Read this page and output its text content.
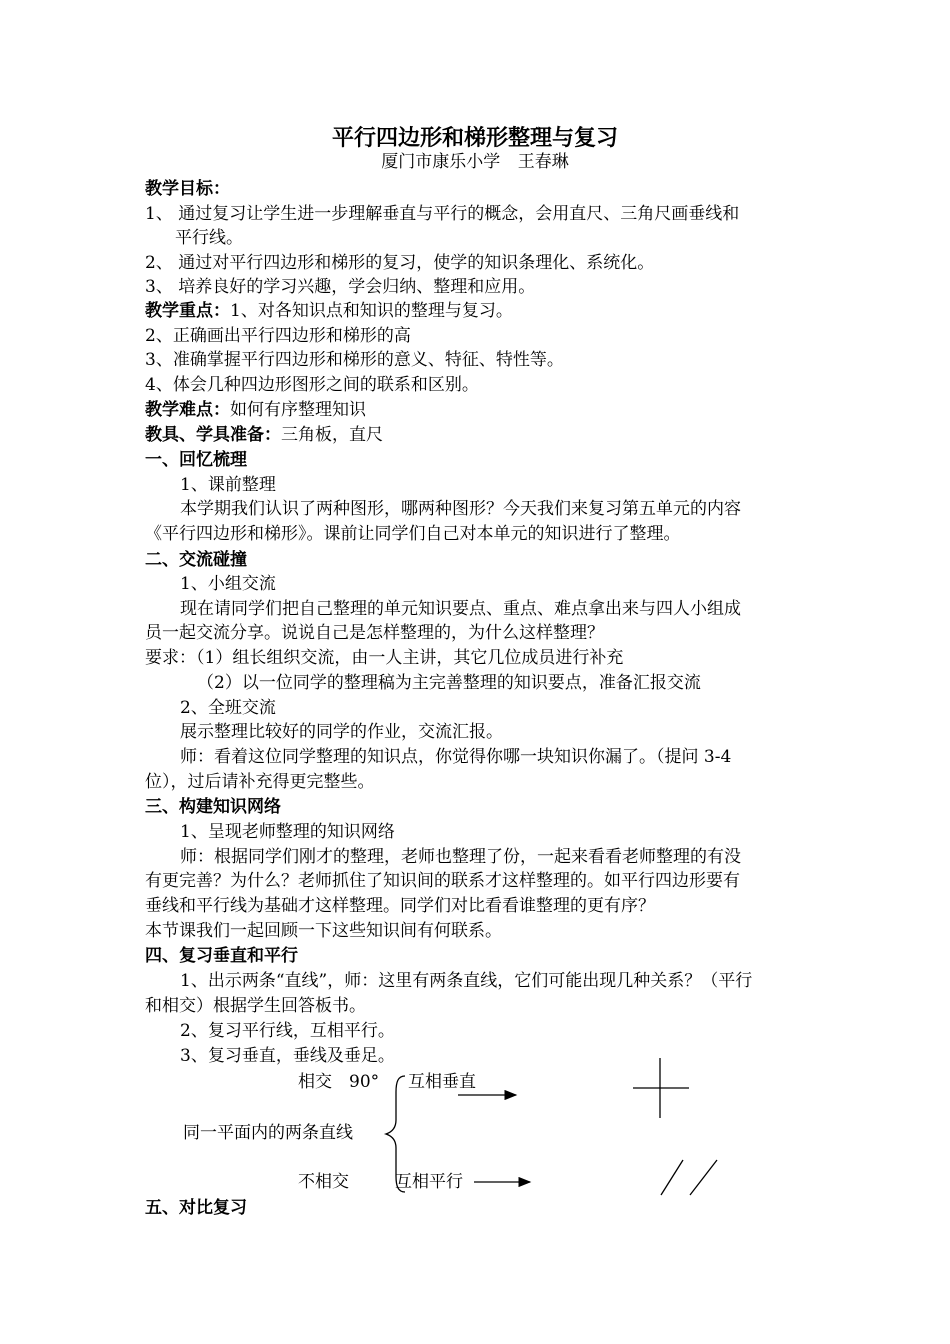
平行四边形和梯形整理与复习
厦门市康乐小学 王春琳
教学目标：
1、 通过复习让学生进一步理解垂直与平行的概念，会用直尺、三角尺画垂线和
平行线。
2、 通过对平行四边形和梯形的复习，使学的知识条理化、系统化。
3、 培养良好的学习兴趣，学会归纳、整理和应用。
教学重点：1、对各知识点和知识的整理与复习。
2、正确画出平行四边形和梯形的高
3、准确掌握平行四边形和梯形的意义、特征、特性等。
4、体会几种四边形图形之间的联系和区别。
教学难点：如何有序整理知识
教具、学具准备：三角板，直尺
一、回忆梳理
1、课前整理
本学期我们认识了两种图形，哪两种图形？今天我们来复习第五单元的内容
《平行四边形和梯形》。课前让同学们自己对本单元的知识进行了整理。
二、交流碰撞
1、小组交流
现在请同学们把自己整理的单元知识要点、重点、难点拿出来与四人小组成
员一起交流分享。说说自己是怎样整理的，为什么这样整理？
要求：（1）组长组织交流，由一人主讲，其它几位成员进行补充
（2）以一位同学的整理稿为主完善整理的知识要点，准备汇报交流
2、全班交流
展示整理比较好的同学的作业，交流汇报。
师：看着这位同学整理的知识点，你觉得你哪一块知识你漏了。（提问 3-4
位），过后请补充得更完整些。
三、构建知识网络
1、呈现老师整理的知识网络
师：根据同学们刚才的整理，老师也整理了份，一起来看看老师整理的有没
有更完善？为什么？老师抓住了知识间的联系才这样整理的。如平行四边形要有
垂线和平行线为基础才这样整理。同学们对比看看谁整理的更有序？
本节课我们一起回顾一下这些知识间有何联系。
四、复习垂直和平行
1、出示两条“直线”，师：这里有两条直线，它们可能出现几种关系？（平行
和相交）根据学生回答板书。
2、复习平行线，互相平行。
3、复习垂直，垂线及垂足。
相交 90° 互相垂直
同一平面内的两条直线
不相交	互相平行
五、对比复习
